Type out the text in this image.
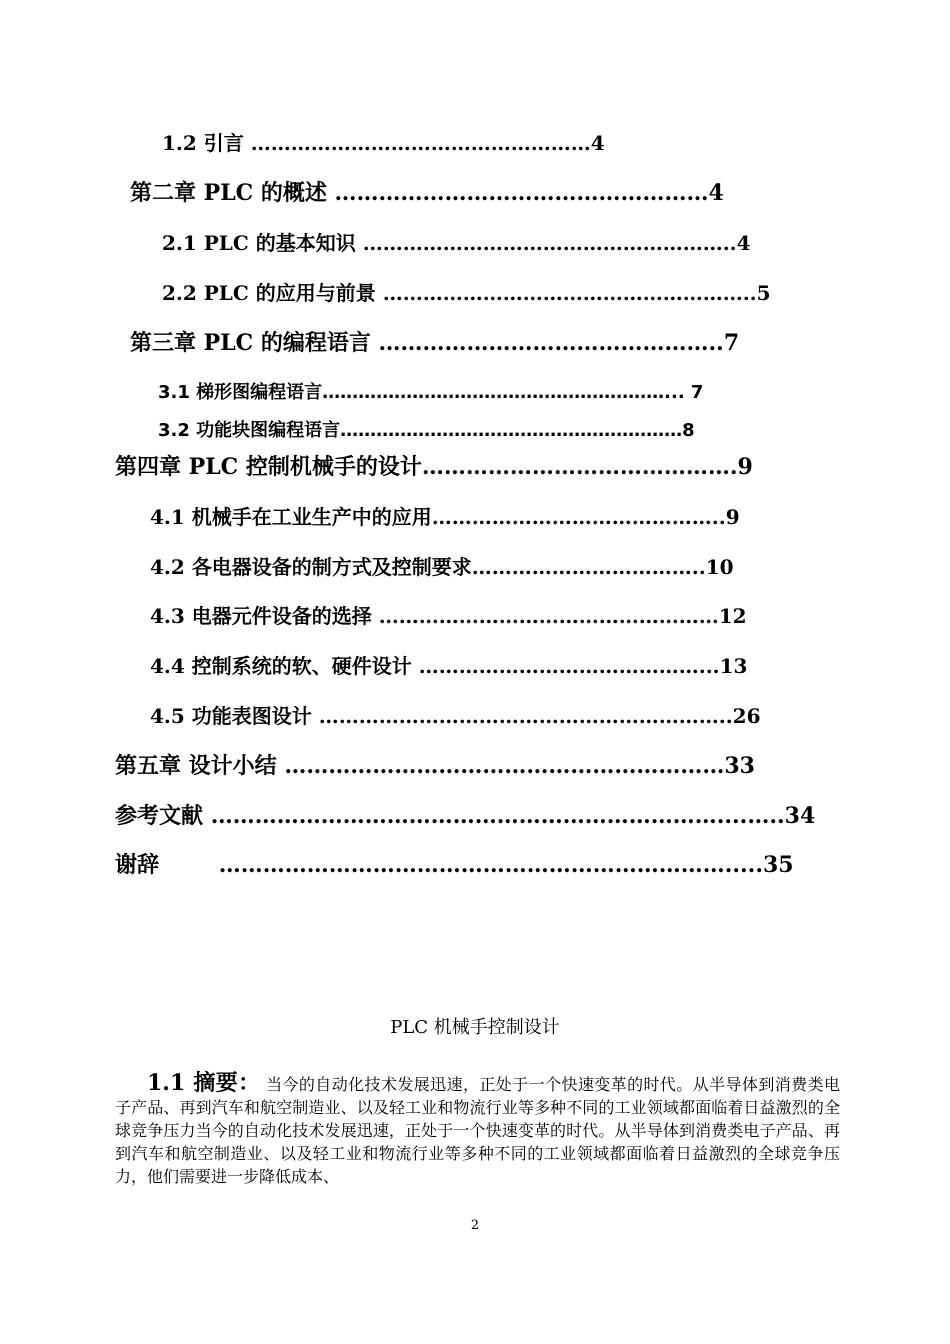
1.2 引言 ……………………………………………4
第二章 PLC 的概述 ……………………………………………4
2.1 PLC 的基本知识 ………………………………………………..4
2.2 PLC 的应用与前景 ………………………………………………..5
第三章 PLC 的编程语言 ………………………………………..7
3.1 梯形图编程语言…………………………………………………... 7
3.2 功能块图编程语言…………………………………………………8
第四章 PLC 控制机械手的设计…………………………………….9
4.1 机械手在工业生产中的应用……………………………………..9
4.2 各电器设备的制方式及控制要求……………………………..10
4.3 电器元件设备的选择 ……………………………………………12
4.4 控制系统的软、硬件设计 ……………………………………...13
4.5 功能表图设计 ……………………………………………………..26
第五章 设计小结 ……………………………………………………33
参考文献 ……………………………………………………………....…..34
谢辞	…………………………………………………………….....35
PLC 机械手控制设计

1.1 摘要： 当今的自动化技术发展迅速，正处于一个快速变革的时代。从半导体到消费类电子产品、再到汽车和航空制造业、以及轻工业和物流行业等多种不同的工业领域都面临着日益激烈的全球竞争压力当今的自动化技术发展迅速，正处于一个快速变革的时代。从半导体到消费类电子产品、再到汽车和航空制造业、以及轻工业和物流行业等多种不同的工业领域都面临着日益激烈的全球竞争压力，他们需要进一步降低成本、

2
